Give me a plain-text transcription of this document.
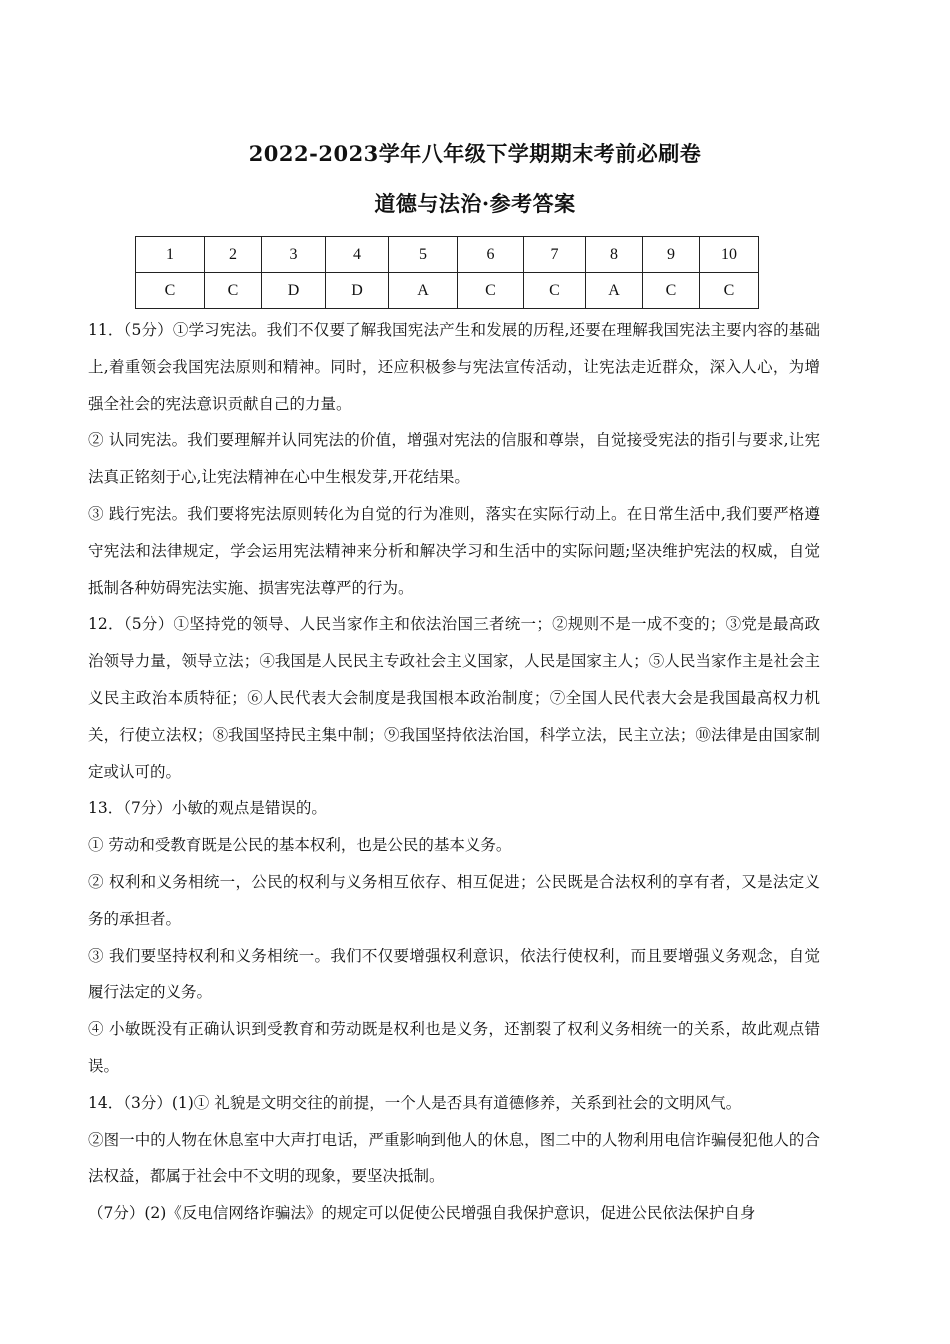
2022-2023学年八年级下学期期末考前必刷卷
道德与法治·参考答案
1	2	3	4	5	6	7	8	9	10
C	C	D	D	A	C	C	A	C	C

11．（5分）①学习宪法。我们不仅要了解我国宪法产生和发展的历程,还要在理解我国宪法主要内容的基础上,着重领会我国宪法原则和精神。同时，还应积极参与宪法宣传活动，让宪法走近群众，深入人心，为增强全社会的宪法意识贡献自己的力量。

② 认同宪法。我们要理解并认同宪法的价值，增强对宪法的信服和尊崇，自觉接受宪法的指引与要求,让宪法真正铭刻于心,让宪法精神在心中生根发芽,开花结果。

③ 践行宪法。我们要将宪法原则转化为自觉的行为准则，落实在实际行动上。在日常生活中,我们要严格遵守宪法和法律规定，学会运用宪法精神来分析和解决学习和生活中的实际问题;坚决维护宪法的权威，自觉抵制各种妨碍宪法实施、损害宪法尊严的行为。

12．（5分）①坚持党的领导、人民当家作主和依法治国三者统一；②规则不是一成不变的；③党是最高政治领导力量，领导立法；④我国是人民民主专政社会主义国家，人民是国家主人；⑤人民当家作主是社会主义民主政治本质特征；⑥人民代表大会制度是我国根本政治制度；⑦全国人民代表大会是我国最高权力机关，行使立法权；⑧我国坚持民主集中制；⑨我国坚持依法治国，科学立法，民主立法；⑩法律是由国家制定或认可的。

13．（7分）小敏的观点是错误的。

① 劳动和受教育既是公民的基本权利，也是公民的基本义务。

② 权利和义务相统一，公民的权利与义务相互依存、相互促进；公民既是合法权利的享有者，又是法定义务的承担者。

③ 我们要坚持权利和义务相统一。我们不仅要增强权利意识，依法行使权利，而且要增强义务观念，自觉履行法定的义务。

④ 小敏既没有正确认识到受教育和劳动既是权利也是义务，还割裂了权利义务相统一的关系，故此观点错误。

14．（3分）(1)① 礼貌是文明交往的前提，一个人是否具有道德修养，关系到社会的文明风气。

②图一中的人物在休息室中大声打电话，严重影响到他人的休息，图二中的人物利用电信诈骗侵犯他人的合法权益，都属于社会中不文明的现象，要坚决抵制。

（7分）(2)《反电信网络诈骗法》的规定可以促使公民增强自我保护意识，促进公民依法保护自身
